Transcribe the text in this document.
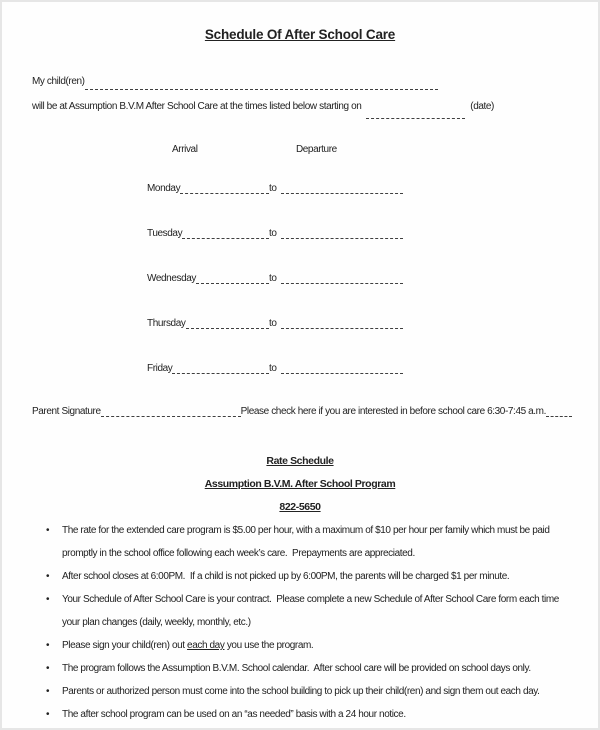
Schedule Of After School Care
My child(ren)
will be at Assumption B.V.M After School Care at the times listed below starting on	(date)
Arrival	Departure
Monday	to
Tuesday	to
Wednesday	to
Thursday	to
Friday	to
Parent Signature	Please check here if you are interested in before school care 6:30-7:45 a.m.
Rate Schedule
Assumption B.V.M. After School Program
822-5650
• The rate for the extended care program is $5.00 per hour, with a maximum of $10 per hour per family which must be paid promptly in the school office following each week’s care.  Prepayments are appreciated.
• After school closes at 6:00PM.  If a child is not picked up by 6:00PM, the parents will be charged $1 per minute.
• Your Schedule of After School Care is your contract.  Please complete a new Schedule of After School Care form each time your plan changes (daily, weekly, monthly, etc.)
• Please sign your child(ren) out each day you use the program.
• The program follows the Assumption B.V.M. School calendar.  After school care will be provided on school days only.
• Parents or authorized person must come into the school building to pick up their child(ren) and sign them out each day.
• The after school program can be used on an “as needed” basis with a 24 hour notice.
